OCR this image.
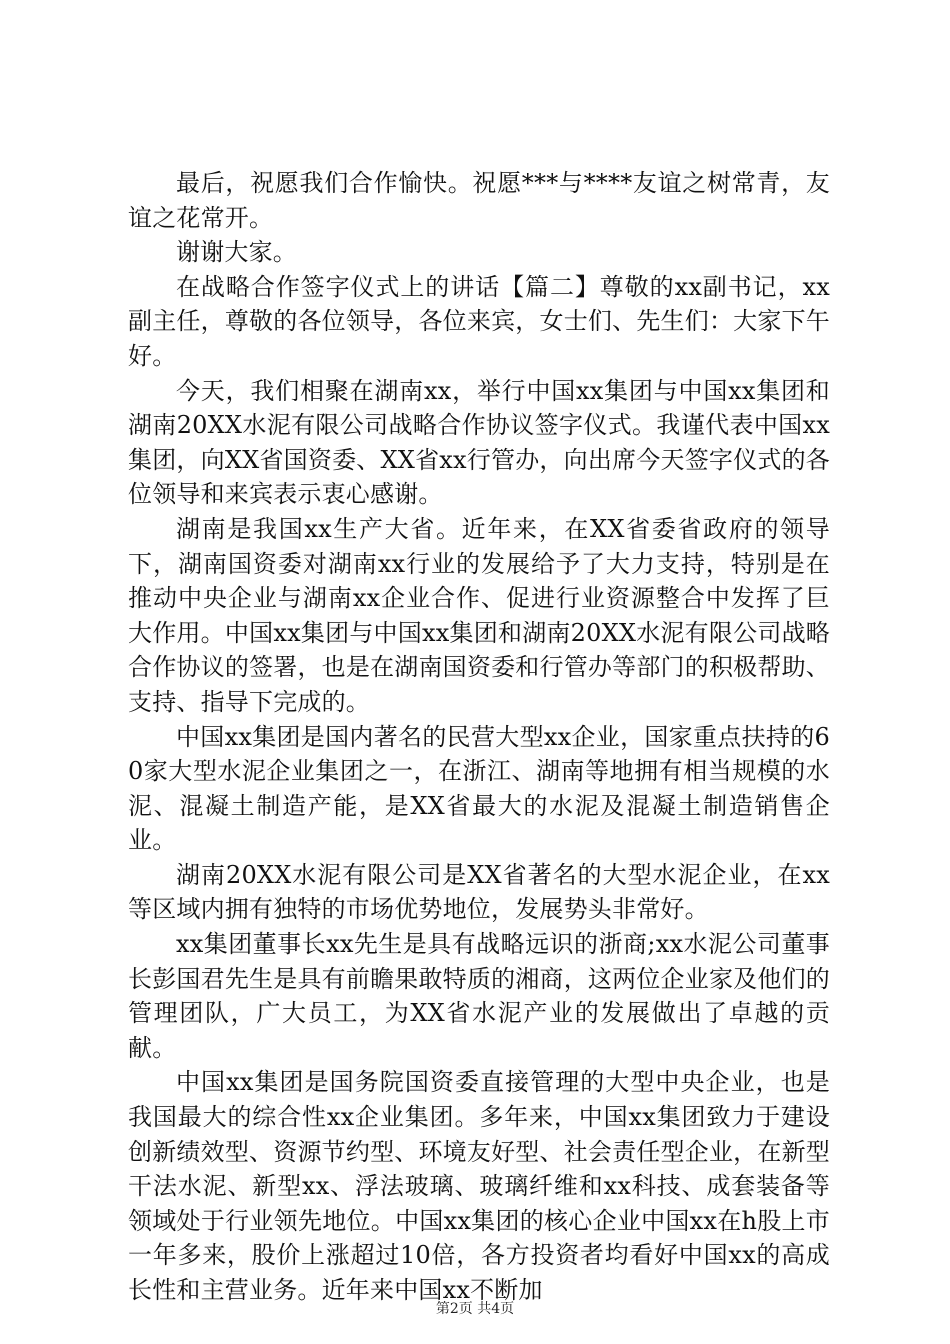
最后，祝愿我们合作愉快。祝愿***与****友谊之树常青，友谊之花常开。

谢谢大家。

在战略合作签字仪式上的讲话【篇二】尊敬的xx副书记，xx副主任，尊敬的各位领导，各位来宾，女士们、先生们：大家下午好。

今天，我们相聚在湖南xx，举行中国xx集团与中国xx集团和湖南20XX水泥有限公司战略合作协议签字仪式。我谨代表中国xx集团，向XX省国资委、XX省xx行管办，向出席今天签字仪式的各位领导和来宾表示衷心感谢。

湖南是我国xx生产大省。近年来，在XX省委省政府的领导下，湖南国资委对湖南xx行业的发展给予了大力支持，特别是在推动中央企业与湖南xx企业合作、促进行业资源整合中发挥了巨大作用。中国xx集团与中国xx集团和湖南20XX水泥有限公司战略合作协议的签署，也是在湖南国资委和行管办等部门的积极帮助、支持、指导下完成的。

中国xx集团是国内著名的民营大型xx企业，国家重点扶持的60家大型水泥企业集团之一，在浙江、湖南等地拥有相当规模的水泥、混凝土制造产能，是XX省最大的水泥及混凝土制造销售企业。

湖南20XX水泥有限公司是XX省著名的大型水泥企业，在xx等区域内拥有独特的市场优势地位，发展势头非常好。

xx集团董事长xx先生是具有战略远识的浙商;xx水泥公司董事长彭国君先生是具有前瞻果敢特质的湘商，这两位企业家及他们的管理团队，广大员工，为XX省水泥产业的发展做出了卓越的贡献。

中国xx集团是国务院国资委直接管理的大型中央企业，也是我国最大的综合性xx企业集团。多年来，中国xx集团致力于建设创新绩效型、资源节约型、环境友好型、社会责任型企业，在新型干法水泥、新型xx、浮法玻璃、玻璃纤维和xx科技、成套装备等领域处于行业领先地位。中国xx集团的核心企业中国xx在h股上市一年多来，股价上涨超过10倍，各方投资者均看好中国xx的高成长性和主营业务。近年来中国xx不断加

第2页 共4页
